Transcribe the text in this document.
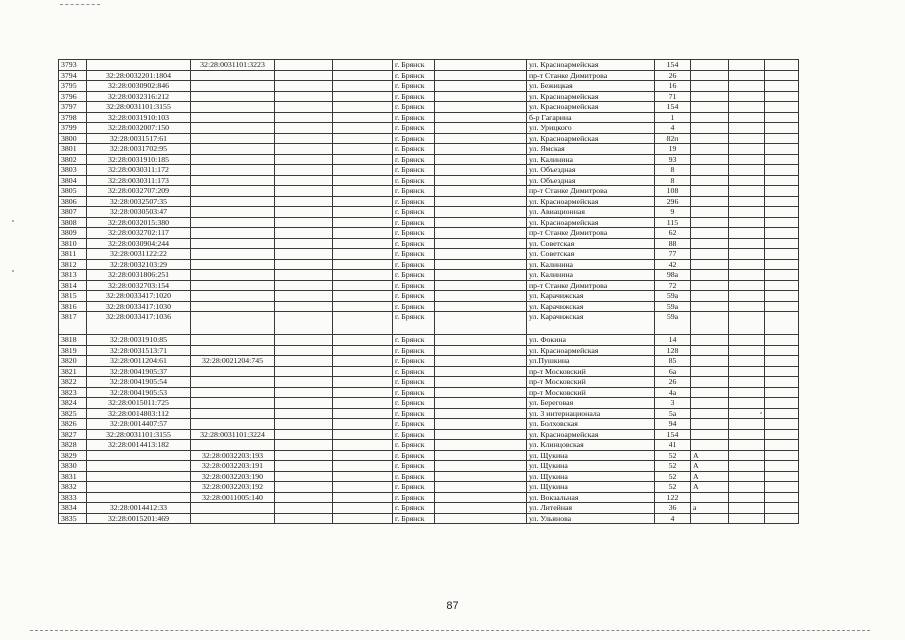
3793		32:28:0031101:3223			г. Брянск		ул. Красноармейская	154			
3794	32:28:0032201:1804				г. Брянск		пр-т Станке Димитрова	26			
3795	32:28:0030902:846				г. Брянск		ул. Бежицкая	16			
3796	32:28:0032316:212				г. Брянск		ул. Красноармейская	71			
3797	32:28:0031101:3155				г. Брянск		ул. Красноармейская	154			
3798	32:28:0031910:103				г. Брянск		б-р Гагарина	1			
3799	32:28:0032007:150				г. Брянск		ул. Урицкого	4			
3800	32:28:0031517:61				г. Брянск		ул. Красноармейская	82п			
3801	32:28:0031702:95				г. Брянск		ул. Ямская	19			
3802	32:28:0031910:185				г. Брянск		ул. Калинина	93			
3803	32:28:0030311:172				г. Брянск		ул. Объездная	8			
3804	32:28:0030311:173				г. Брянск		ул. Объездная	8			
3805	32:28:0032707:209				г. Брянск		пр-т Станке Димитрова	108			
3806	32:28:0032507:35				г. Брянск		ул. Красноармейская	296			
3807	32:28:0030503:47				г. Брянск		ул. Авиационная	9			
3808	32:28:0032015:380				г. Брянск		ул. Красноармейская	115			
3809	32:28:0032702:117				г. Брянск		пр-т Станке Димитрова	62			
3810	32:28:0030904:244				г. Брянск		ул. Советская	88			
3811	32:28:0031122:22				г. Брянск		ул. Советская	77			
3812	32:28:0032103:29				г. Брянск		ул. Калинина	42			
3813	32:28:0031806:251				г. Брянск		ул. Калинина	98а			
3814	32:28:0032703:154				г. Брянск		пр-т Станке Димитрова	72			
3815	32:28:0033417:1020				г. Брянск		ул. Карачижская	59а			
3816	32:28:0033417:1030				г. Брянск		ул. Карачижская	59а			
3817	32:28:0033417:1036				г. Брянск		ул. Карачижская	59а			
3818	32:28:0031910:85				г. Брянск		ул. Фокина	14			
3819	32:28:0031513:71				г. Брянск		ул. Красноармейская	128			
3820	32:28:0011204:61	32:28:0021204:745			г. Брянск		ул.Пушкина	85			
3821	32:28:0041905:37				г. Брянск		пр-т Московский	6а			
3822	32:28:0041905:54				г. Брянск		пр-т Московский	26			
3823	32:28:0041905:53				г. Брянск		пр-т Московский	4а			
3824	32:28:0015011:725				г. Брянск		ул. Береговая	3			
3825	32:28:0014803:112				г. Брянск		ул. 3 интернационала	5а			
3826	32:28:0014407:57				г. Брянск		ул. Болховская	94			
3827	32:28:0031101:3155	32:28:0031101:3224			г. Брянск		ул. Красноармейская	154			
3828	32:28:0014413:182				г. Брянск		ул. Клинцовская	41			
3829		32:28:0032203:193			г. Брянск		ул. Щукина	52	А		
3830		32:28:0032203:191			г. Брянск		ул. Щукина	52	А		
3831		32:28:0032203:190			г. Брянск		ул. Щукина	52	А		
3832		32:28:0032203:192			г. Брянск		ул. Щукина	52	А		
3833		32:28:0011005:140			г. Брянск		ул. Вокзальная	122			
3834	32:28:0014412:33				г. Брянск		ул. Литейная	36	а		
3835	32:28:0015201:469				г. Брянск		ул. Ульянова	4			
87
